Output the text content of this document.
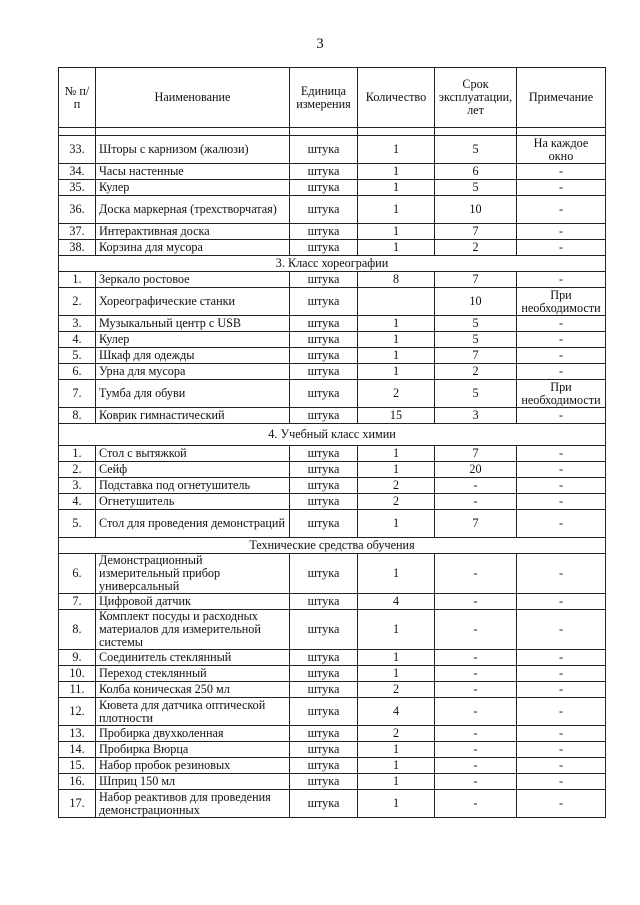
3
№ п/п	Наименование	Единица измерения	Количество	Срок эксплуатации, лет	Примечание

33.	Шторы с карнизом (жалюзи)	штука	1	5	На каждое окно
34.	Часы настенные	штука	1	6	-
35.	Кулер	штука	1	5	-
36.	Доска маркерная (трехстворчатая)	штука	1	10	-
37.	Интерактивная доска	штука	1	7	-
38.	Корзина для мусора	штука	1	2	-
3. Класс хореографии					
1.	Зеркало ростовое	штука	8	7	-
2.	Хореографические станки	штука		10	При необходимости
3.	Музыкальный центр с USB	штука	1	5	-
4.	Кулер	штука	1	5	-
5.	Шкаф для одежды	штука	1	7	-
6.	Урна для мусора	штука	1	2	-
7.	Тумба для обуви	штука	2	5	При необходимости
8.	Коврик гимнастический	штука	15	3	-
4. Учебный класс химии					
1.	Стол с вытяжкой	штука	1	7	-
2.	Сейф	штука	1	20	-
3.	Подставка под огнетушитель	штука	2	-	-
4.	Огнетушитель	штука	2	-	-
5.	Стол для проведения демонстраций	штука	1	7	-
Технические средства обучения					
6.	Демонстрационный измерительный прибор универсальный	штука	1	-	-
7.	Цифровой датчик	штука	4	-	-
8.	Комплект посуды и расходных материалов для измерительной системы	штука	1	-	-
9.	Соединитель стеклянный	штука	1	-	-
10.	Переход стеклянный	штука	1	-	-
11.	Колба коническая 250 мл	штука	2	-	-
12.	Кювета для датчика оптической плотности	штука	4	-	-
13.	Пробирка двухколенная	штука	2	-	-
14.	Пробирка Вюрца	штука	1	-	-
15.	Набор пробок резиновых	штука	1	-	-
16.	Шприц 150 мл	штука	1	-	-
17.	Набор реактивов для проведения демонстрационных	штука	1	-	-
